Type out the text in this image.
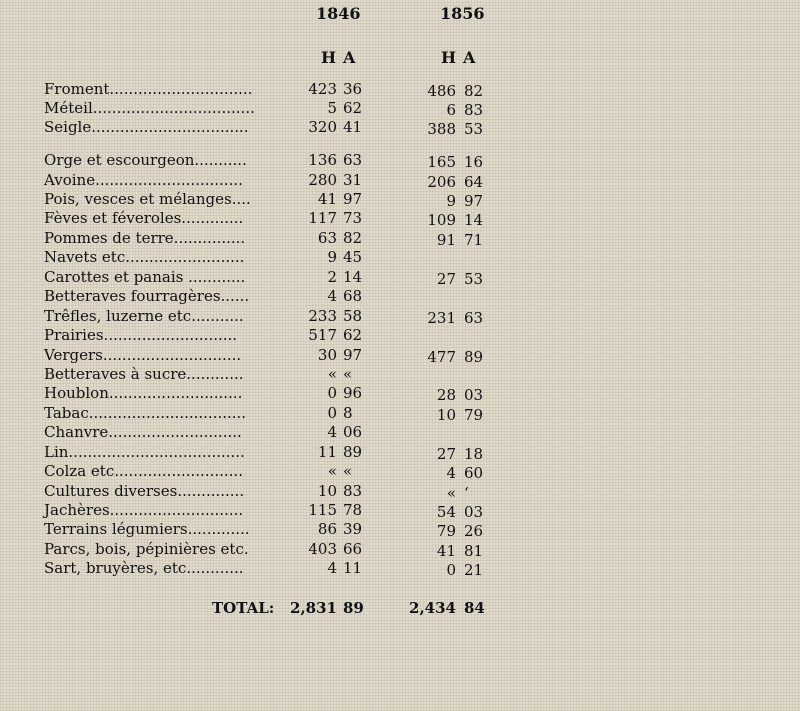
1846	1856
H A	H A
Froment..............................	423 36	486 82
Méteil..................................	5 62	6 83
Seigle.................................	320 41	388 53
Orge et escourgeon...........	136 63	165 16
Avoine...............................	280 31	206 64
Pois, vesces et mélanges....	41 97	9 97
Fèves et féveroles.............	117 73	109 14
Pommes de terre...............	63 82	91 71
Navets etc.........................	9 45
Carottes et panais ............	2 14	27 53
Betteraves fourragères......	4 68
Trêfles, luzerne etc...........	233 58	231 63
Prairies............................	517 62
Vergers.............................	30 97	477 89
Betteraves à sucre............	« «
Houblon............................	0 96	28 03
Tabac.................................	0 8	10 79
Chanvre............................	4 06
Lin.....................................	11 89	27 18
Colza etc...........................	« «	4 60
Cultures diverses..............	10 83	« ‘
Jachères............................	115 78	54 03
Terrains légumiers.............	86 39	79 26
Parcs, bois, pépinières etc.	403 66	41 81
Sart, bruyères, etc............	4 11	0 21
TOTAL:	2,831 89	2,434 84
